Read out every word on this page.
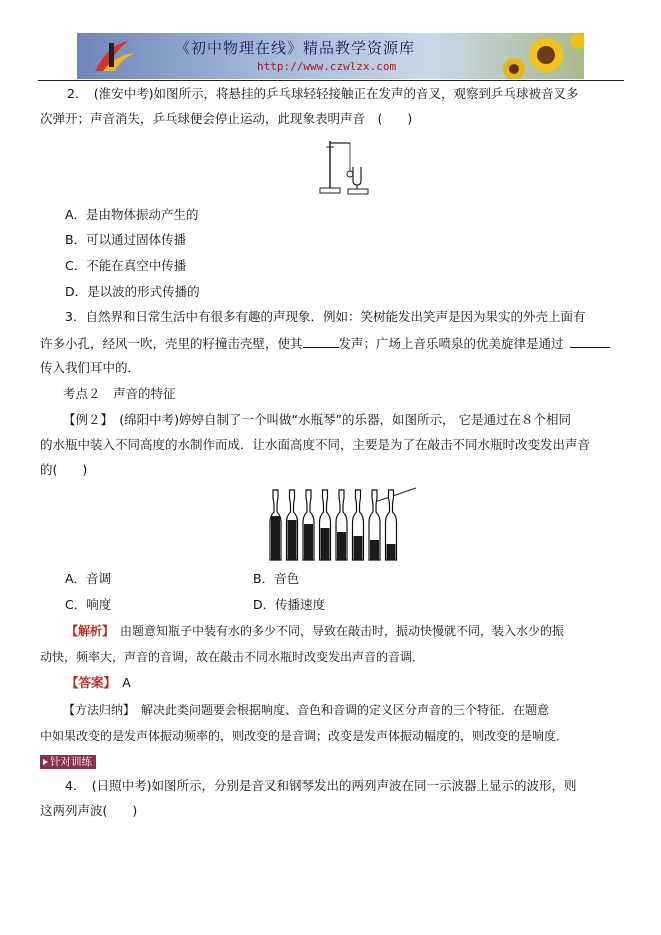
《初中物理在线》精品教学资源库
http://www.czwlzx.com
2．　(淮安中考)如图所示，将悬挂的乒乓球轻轻接触正在发声的音叉，观察到乒乓球被音叉多
次弹开；声音消失，乒乓球便会停止运动，此现象表明声音　(　　)
A．是由物体振动产生的
B．可以通过固体传播
C．不能在真空中传播
D．是以波的形式传播的
3．自然界和日常生活中有很多有趣的声现象．例如：笑树能发出笑声是因为果实的外壳上面有
许多小孔，经风一吹，壳里的籽撞击壳壁，使其	发声；广场上音乐喷泉的优美旋律是通过
传入我们耳中的．
考点２　声音的特征
【例２】　(绵阳中考)婷婷自制了一个叫做“水瓶琴”的乐器，如图所示， 它是通过在８个相同
的水瓶中装入不同高度的水制作而成．让水面高度不同，主要是为了在敲击不同水瓶时改变发出声音
的(　　)
A．音调	B．音色
C．响度	D．传播速度
【解析】　由题意知瓶子中装有水的多少不同，导致在敲击时，振动快慢就不同，装入水少的振
动快，频率大，声音的音调，故在敲击不同水瓶时改变发出声音的音调．
【答案】　A
【方法归纳】　解决此类问题要会根据响度、音色和音调的定义区分声音的三个特征．在题意
中如果改变的是发声体振动频率的，则改变的是音调；改变是发声体振动幅度的，则改变的是响度．
针对训练
4．　(日照中考)如图所示，分别是音叉和钢琴发出的两列声波在同一示波器上显示的波形，则
这两列声波(　　)
